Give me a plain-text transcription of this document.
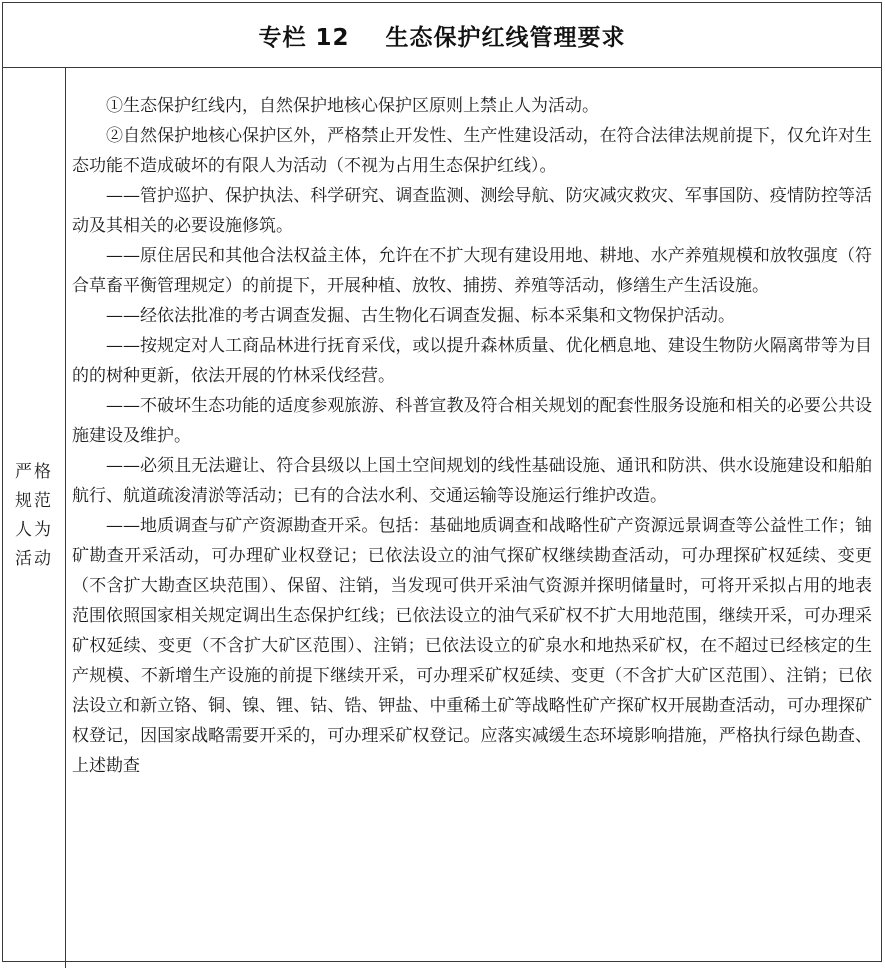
专栏 12    生态保护红线管理要求
严格
规范
人为
活动

①生态保护红线内，自然保护地核心保护区原则上禁止人为活动。

②自然保护地核心保护区外，严格禁止开发性、生产性建设活动，在符合法律法规前提下，仅允许对生态功能不造成破坏的有限人为活动（不视为占用生态保护红线）。

——管护巡护、保护执法、科学研究、调查监测、测绘导航、防灾减灾救灾、军事国防、疫情防控等活动及其相关的必要设施修筑。

——原住居民和其他合法权益主体，允许在不扩大现有建设用地、耕地、水产养殖规模和放牧强度（符合草畜平衡管理规定）的前提下，开展种植、放牧、捕捞、养殖等活动，修缮生产生活设施。

——经依法批准的考古调查发掘、古生物化石调查发掘、标本采集和文物保护活动。

——按规定对人工商品林进行抚育采伐，或以提升森林质量、优化栖息地、建设生物防火隔离带等为目的的树种更新，依法开展的竹林采伐经营。

——不破坏生态功能的适度参观旅游、科普宣教及符合相关规划的配套性服务设施和相关的必要公共设施建设及维护。

——必须且无法避让、符合县级以上国土空间规划的线性基础设施、通讯和防洪、供水设施建设和船舶航行、航道疏浚清淤等活动；已有的合法水利、交通运输等设施运行维护改造。

——地质调查与矿产资源勘查开采。包括：基础地质调查和战略性矿产资源远景调查等公益性工作；铀矿勘查开采活动，可办理矿业权登记；已依法设立的油气探矿权继续勘查活动，可办理探矿权延续、变更（不含扩大勘查区块范围）、保留、注销，当发现可供开采油气资源并探明储量时，可将开采拟占用的地表范围依照国家相关规定调出生态保护红线；已依法设立的油气采矿权不扩大用地范围，继续开采，可办理采矿权延续、变更（不含扩大矿区范围）、注销；已依法设立的矿泉水和地热采矿权，在不超过已经核定的生产规模、不新增生产设施的前提下继续开采，可办理采矿权延续、变更（不含扩大矿区范围）、注销；已依法设立和新立铬、铜、镍、锂、钴、锆、钾盐、中重稀土矿等战略性矿产探矿权开展勘查活动，可办理探矿权登记，因国家战略需要开采的，可办理采矿权登记。应落实减缓生态环境影响措施，严格执行绿色勘查、上述勘查
